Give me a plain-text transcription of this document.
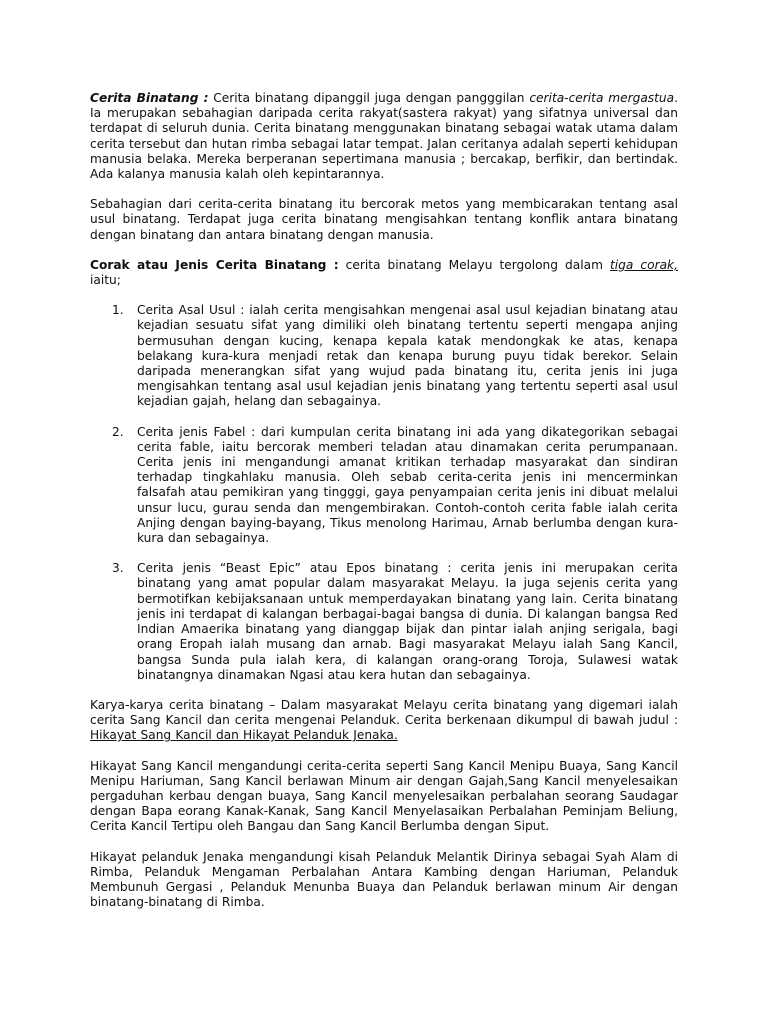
Cerita Binatang : Cerita binatang dipanggil juga dengan pangggilan cerita-cerita mergastua. Ia merupakan sebahagian daripada cerita rakyat(sastera rakyat) yang sifatnya universal dan terdapat di seluruh dunia. Cerita binatang menggunakan binatang sebagai watak utama dalam cerita tersebut dan hutan rimba sebagai latar tempat. Jalan ceritanya adalah seperti kehidupan manusia belaka. Mereka berperanan sepertimana manusia ; bercakap, berfikir, dan bertindak. Ada kalanya manusia kalah oleh kepintarannya.

Sebahagian dari cerita-cerita binatang itu bercorak metos yang membicarakan tentang asal usul binatang. Terdapat juga cerita binatang mengisahkan tentang konflik antara binatang dengan binatang dan antara binatang dengan manusia.

Corak atau Jenis Cerita Binatang : cerita binatang Melayu tergolong dalam tiga corak, iaitu;

1. Cerita Asal Usul : ialah cerita mengisahkan mengenai asal usul kejadian binatang atau kejadian sesuatu sifat yang dimiliki oleh binatang tertentu seperti mengapa anjing bermusuhan dengan kucing, kenapa kepala katak mendongkak ke atas, kenapa belakang kura-kura menjadi retak dan kenapa burung puyu tidak berekor. Selain daripada menerangkan sifat yang wujud pada binatang itu, cerita jenis ini juga mengisahkan tentang asal usul kejadian jenis binatang yang tertentu seperti asal usul kejadian gajah, helang dan sebagainya.
2. Cerita jenis Fabel : dari kumpulan cerita binatang ini ada yang dikategorikan sebagai cerita fable, iaitu bercorak memberi teladan atau dinamakan cerita perumpanaan. Cerita jenis ini mengandungi amanat kritikan terhadap masyarakat dan sindiran terhadap tingkahlaku manusia. Oleh sebab cerita-cerita jenis ini mencerminkan falsafah atau pemikiran yang tingggi, gaya penyampaian cerita jenis ini dibuat melalui unsur lucu, gurau senda dan mengembirakan. Contoh-contoh cerita fable ialah cerita Anjing dengan baying-bayang, Tikus menolong Harimau, Arnab berlumba dengan kura-kura dan sebagainya.
3. Cerita jenis “Beast Epic” atau Epos binatang : cerita jenis ini merupakan cerita binatang yang amat popular dalam masyarakat Melayu. Ia juga sejenis cerita yang bermotifkan kebijaksanaan untuk memperdayakan binatang yang lain. Cerita binatang jenis ini terdapat di kalangan berbagai-bagai bangsa di dunia. Di kalangan bangsa Red Indian Amaerika binatang yang dianggap bijak dan pintar ialah anjing serigala, bagi orang Eropah ialah musang dan arnab. Bagi masyarakat Melayu ialah Sang Kancil, bangsa Sunda pula ialah kera, di kalangan orang-orang Toroja, Sulawesi watak binatangnya dinamakan Ngasi atau kera hutan dan sebagainya.

Karya-karya cerita binatang – Dalam masyarakat Melayu cerita binatang yang digemari ialah cerita Sang Kancil dan cerita mengenai Pelanduk. Cerita berkenaan dikumpul di bawah judul : Hikayat Sang Kancil dan Hikayat Pelanduk Jenaka.

Hikayat Sang Kancil mengandungi cerita-cerita seperti Sang Kancil Menipu Buaya, Sang Kancil Menipu Hariuman, Sang Kancil berlawan Minum air dengan Gajah,Sang Kancil menyelesaikan pergaduhan kerbau dengan buaya, Sang Kancil menyelesaikan perbalahan seorang Saudagar dengan Bapa eorang Kanak-Kanak, Sang Kancil Menyelasaikan Perbalahan Peminjam Beliung, Cerita Kancil Tertipu oleh Bangau dan Sang Kancil Berlumba dengan Siput.

Hikayat pelanduk Jenaka mengandungi kisah Pelanduk Melantik Dirinya sebagai Syah Alam di Rimba, Pelanduk Mengaman Perbalahan Antara Kambing dengan Hariuman, Pelanduk Membunuh Gergasi , Pelanduk Menunba Buaya dan Pelanduk berlawan minum Air dengan binatang-binatang di Rimba.
